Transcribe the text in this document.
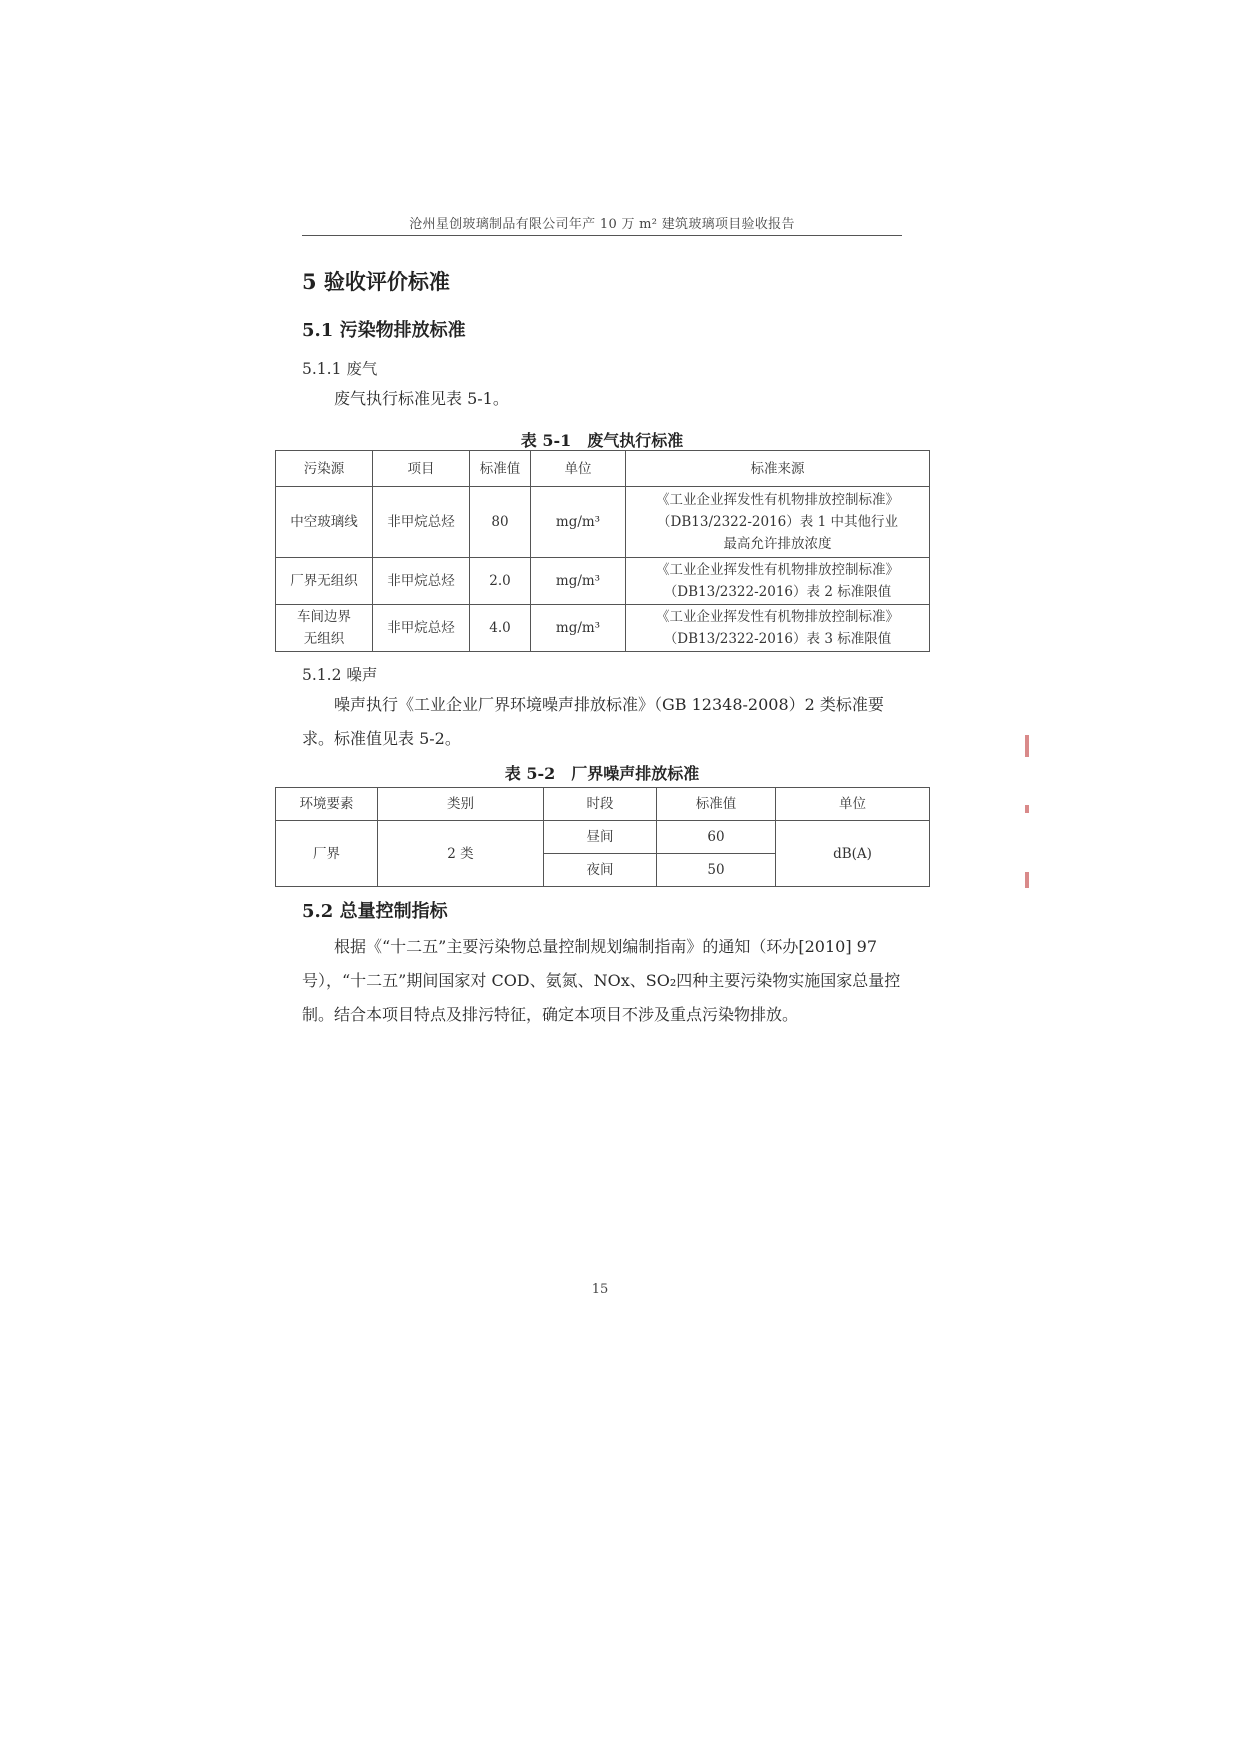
沧州星创玻璃制品有限公司年产 10 万 m² 建筑玻璃项目验收报告
5 验收评价标准
5.1 污染物排放标准
5.1.1 废气
废气执行标准见表 5-1。
表 5-1　废气执行标准
污染源	项目	标准值	单位	标准来源
中空玻璃线	非甲烷总烃	80	mg/m³	《工业企业挥发性有机物排放控制标准》
（DB13/2322-2016）表 1 中其他行业
最高允许排放浓度
厂界无组织	非甲烷总烃	2.0	mg/m³	《工业企业挥发性有机物排放控制标准》
（DB13/2322-2016）表 2 标准限值
车间边界
无组织	非甲烷总烃	4.0	mg/m³	《工业企业挥发性有机物排放控制标准》
（DB13/2322-2016）表 3 标准限值
5.1.2 噪声
噪声执行《工业企业厂界环境噪声排放标准》（GB 12348-2008）2 类标准要求。标准值见表 5-2。
表 5-2　厂界噪声排放标准
环境要素	类别	时段	标准值	单位
厂界	2 类	昼间	60	dB(A)
		夜间	50	
5.2 总量控制指标
根据《“十二五”主要污染物总量控制规划编制指南》的通知（环办[2010] 97 号），“十二五”期间国家对 COD、氨氮、NOx、SO₂四种主要污染物实施国家总量控制。结合本项目特点及排污特征，确定本项目不涉及重点污染物排放。
15
